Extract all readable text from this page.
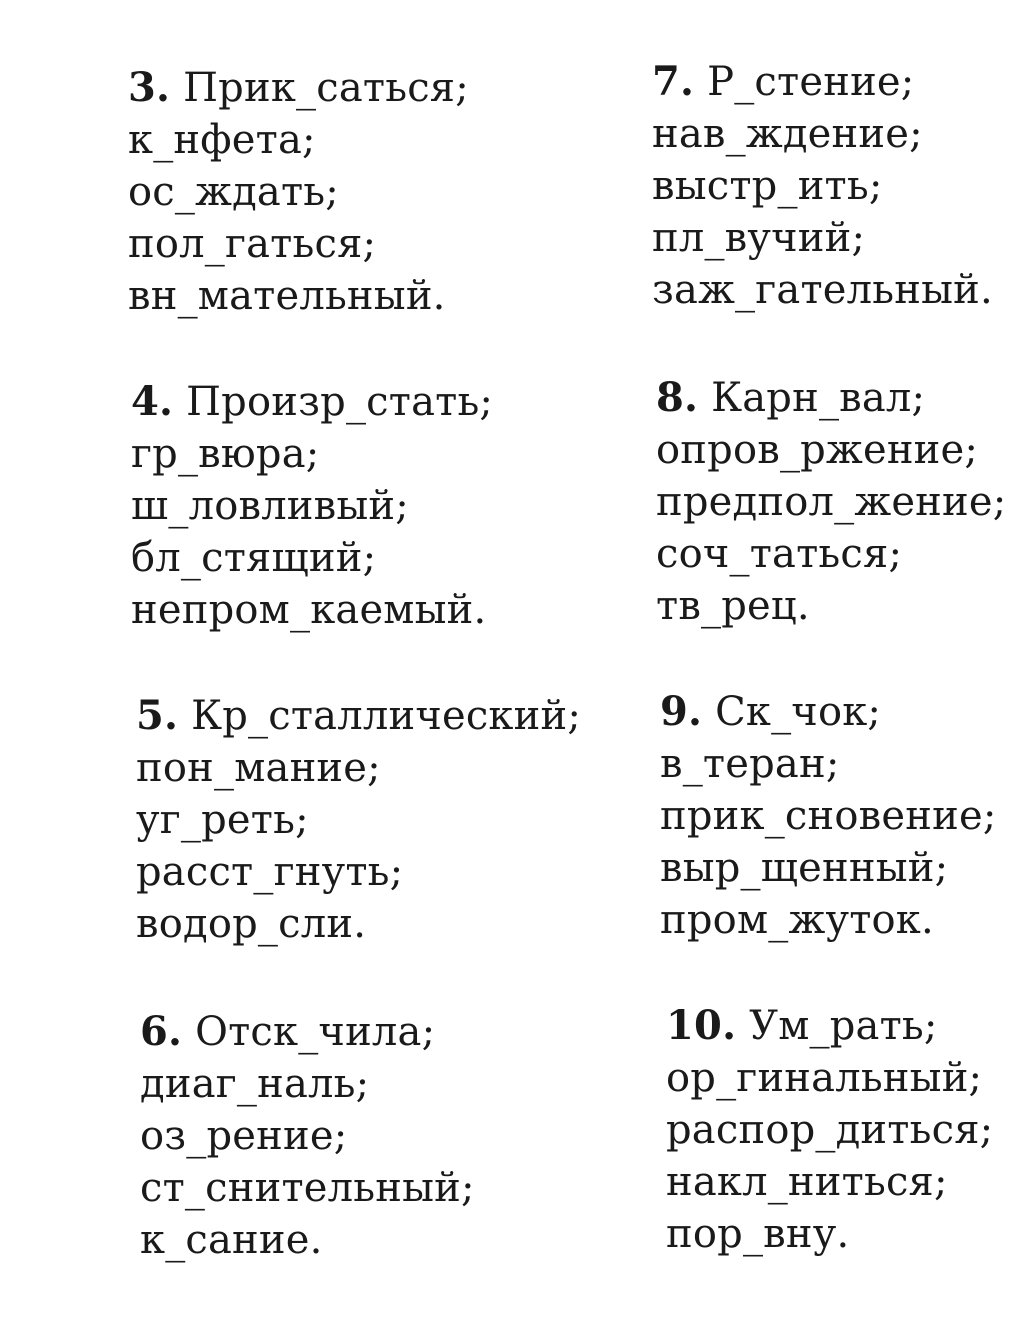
3. Прик_саться;
к_нфета;
ос_ждать;
пол_гаться;
вн_мательный.
4. Произр_стать;
гр_вюра;
ш_ловливый;
бл_стящий;
непром_каемый.
5. Кр_сталлический;
пон_мание;
уг_реть;
расст_гнуть;
водор_сли.
6. Отск_чила;
диаг_наль;
оз_рение;
ст_снительный;
к_сание.
7. Р_стение;
нав_ждение;
выстр_ить;
пл_вучий;
заж_гательный.
8. Карн_вал;
опров_ржение;
предпол_жение;
соч_таться;
тв_рец.
9. Ск_чок;
в_теран;
прик_сновение;
выр_щенный;
пром_жуток.
10. Ум_рать;
ор_гинальный;
распор_диться;
накл_ниться;
пор_вну.
